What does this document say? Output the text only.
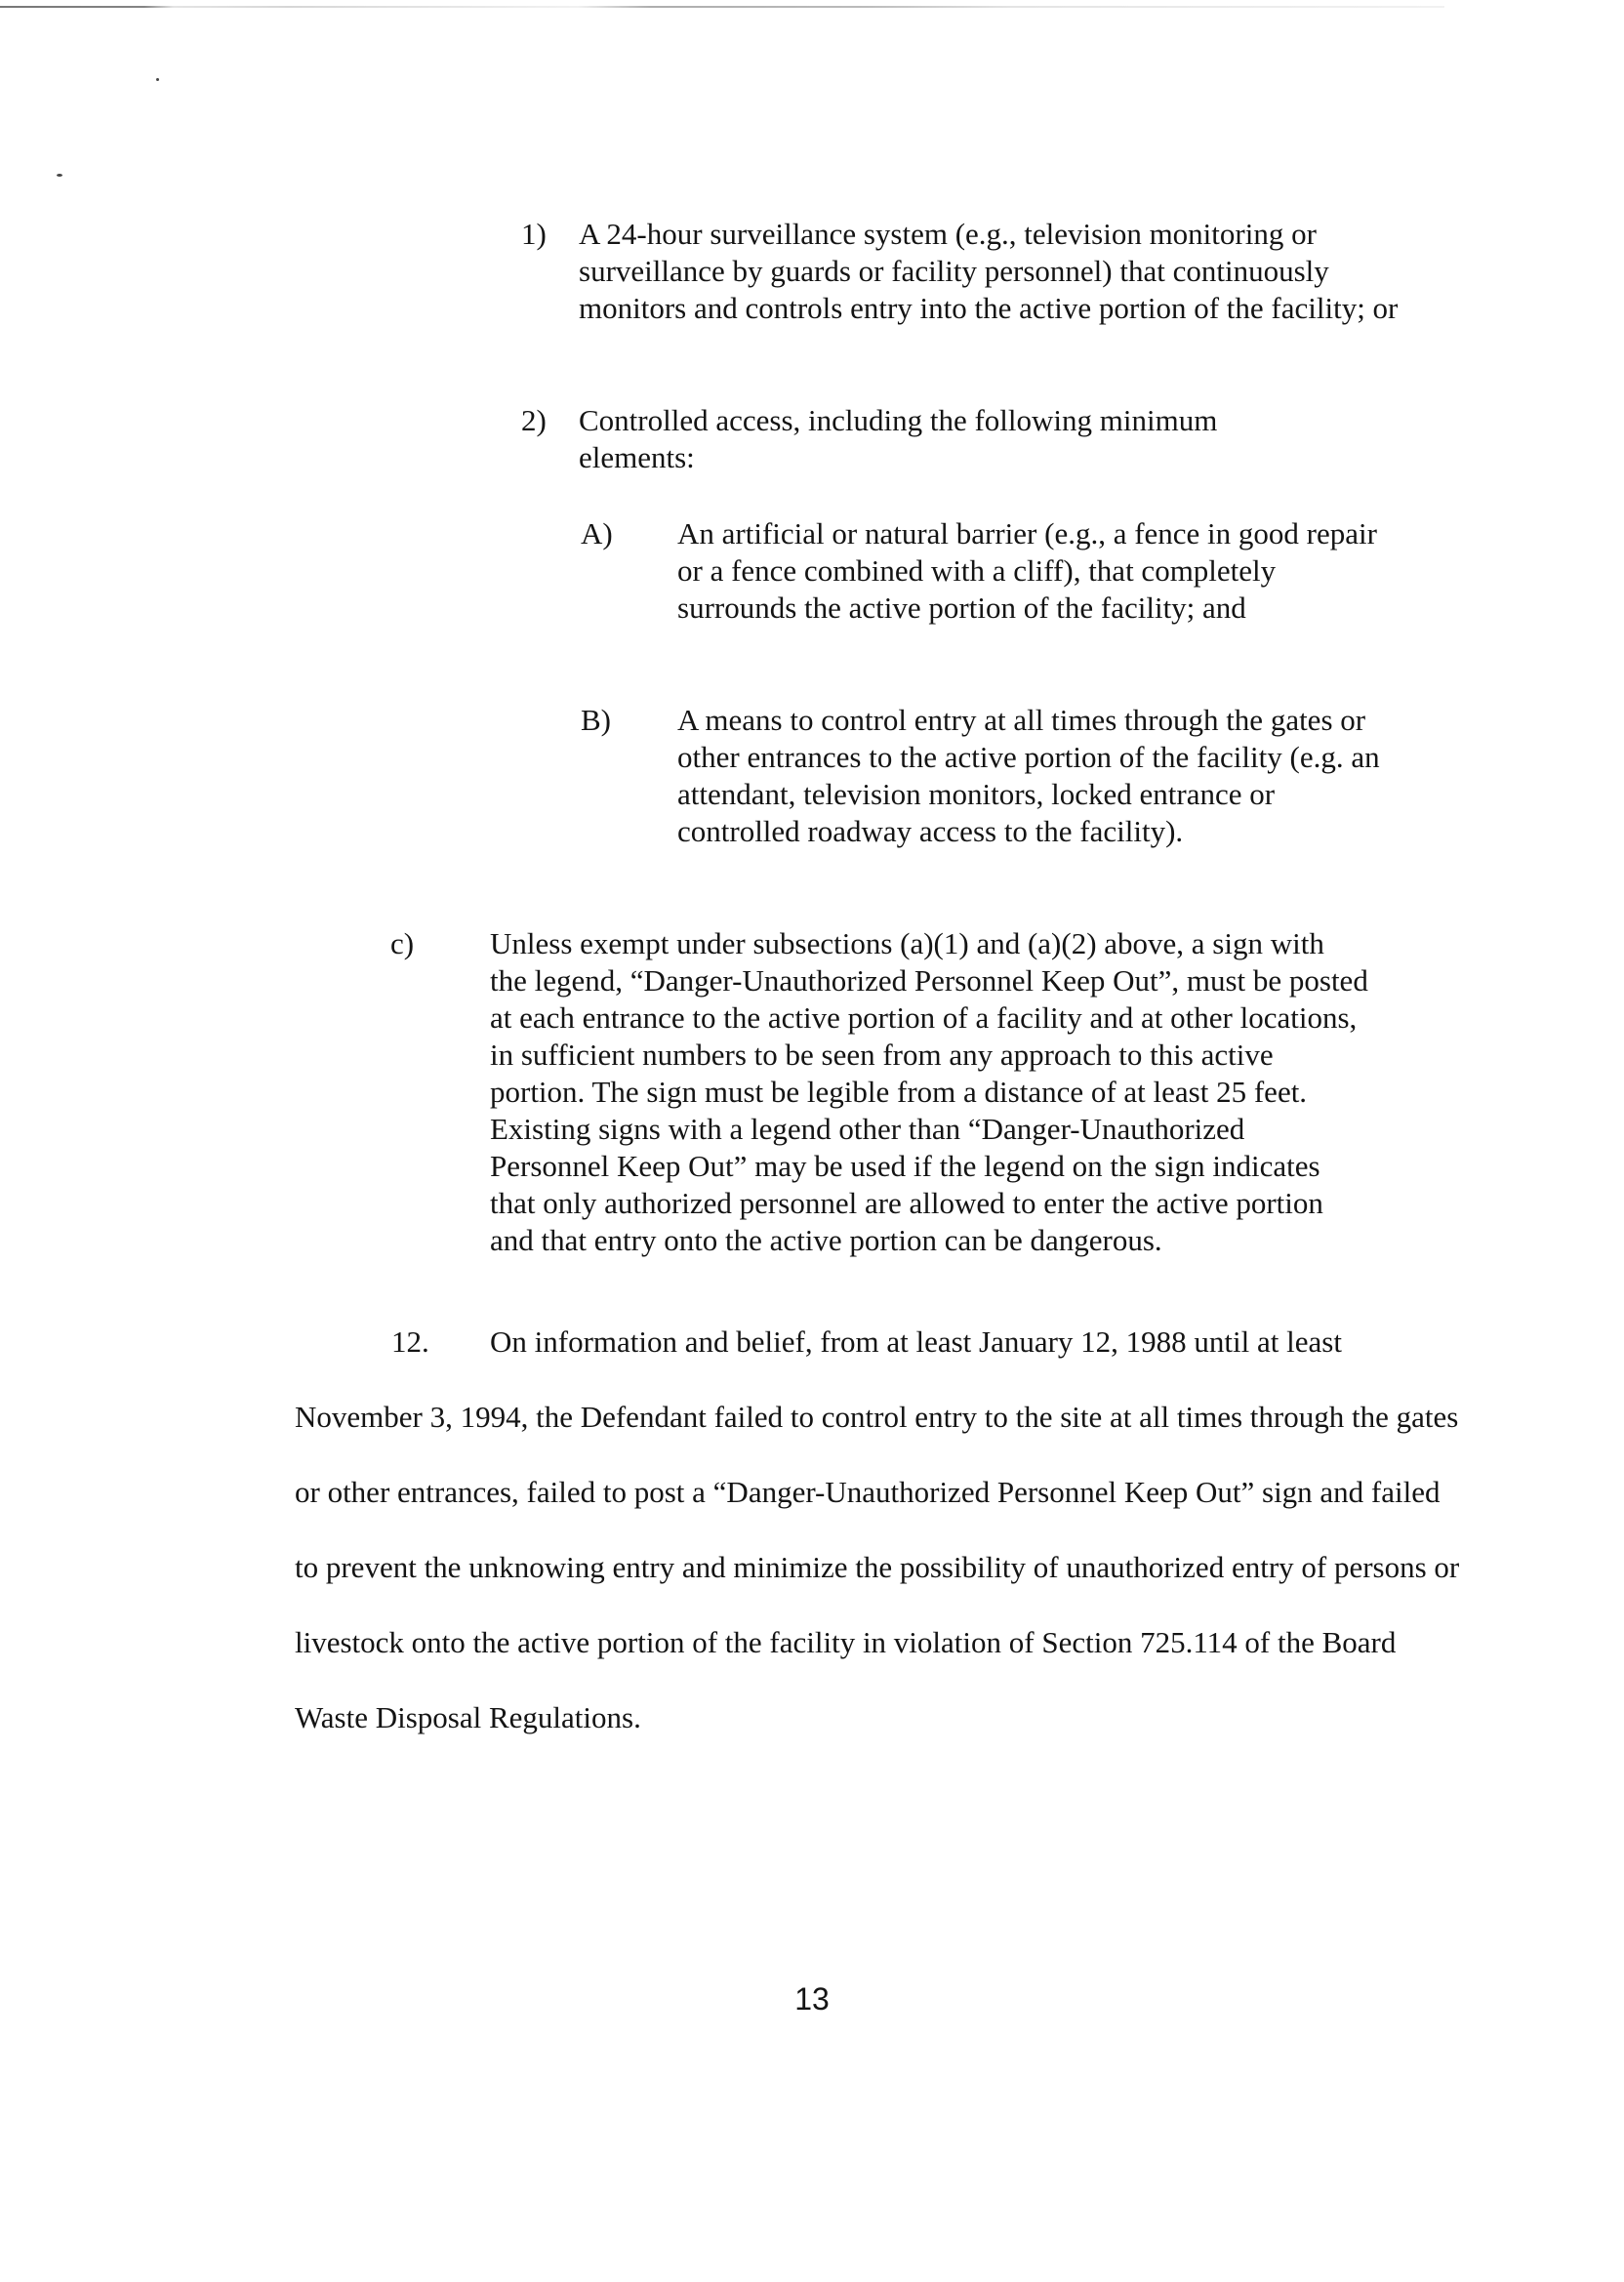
1) A 24-hour surveillance system (e.g., television monitoring or surveillance by guards or facility personnel) that continuously monitors and controls entry into the active portion of the facility; or
2) Controlled access, including the following minimum elements:
A) An artificial or natural barrier (e.g., a fence in good repair or a fence combined with a cliff), that completely surrounds the active portion of the facility; and
B) A means to control entry at all times through the gates or other entrances to the active portion of the facility (e.g. an attendant, television monitors, locked entrance or controlled roadway access to the facility).
c)	Unless exempt under subsections (a)(1) and (a)(2) above, a sign with the legend, “Danger-Unauthorized Personnel Keep Out”, must be posted at each entrance to the active portion of a facility and at other locations, in sufficient numbers to be seen from any approach to this active portion. The sign must be legible from a distance of at least 25 feet. Existing signs with a legend other than “Danger-Unauthorized Personnel Keep Out” may be used if the legend on the sign indicates that only authorized personnel are allowed to enter the active portion and that entry onto the active portion can be dangerous.
12. On information and belief, from at least January 12, 1988 until at least November 3, 1994, the Defendant failed to control entry to the site at all times through the gates or other entrances, failed to post a “Danger-Unauthorized Personnel Keep Out” sign and failed to prevent the unknowing entry and minimize the possibility of unauthorized entry of persons or livestock onto the active portion of the facility in violation of Section 725.114 of the Board Waste Disposal Regulations.
13
